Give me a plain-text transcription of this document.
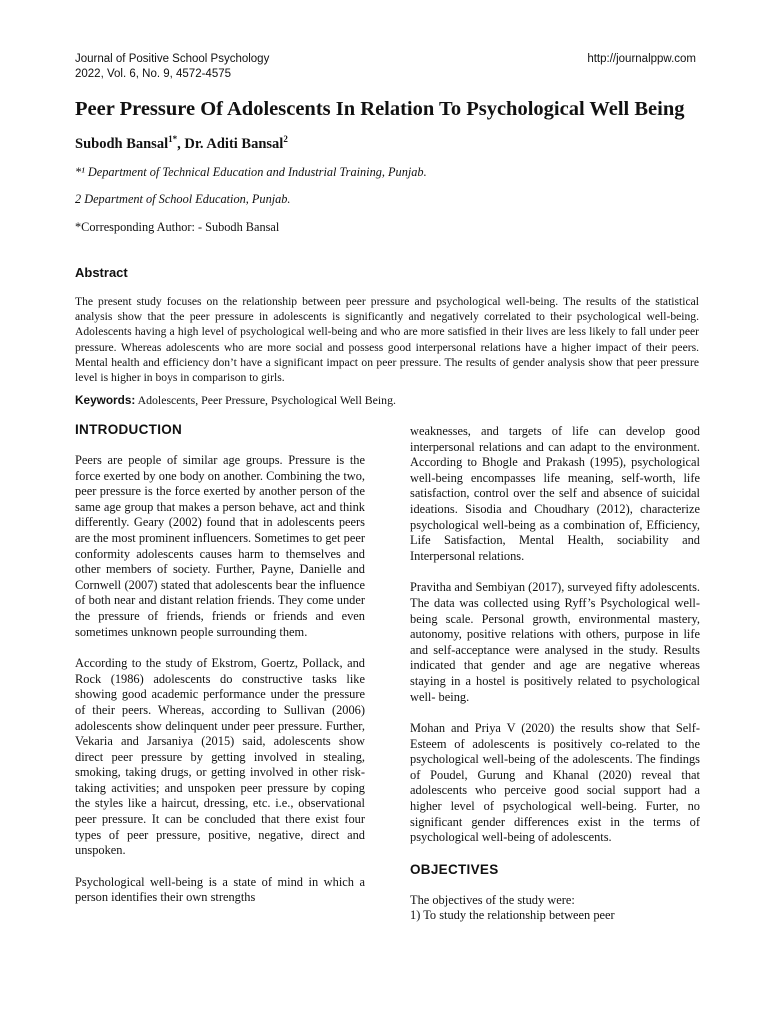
Journal of Positive School Psychology
2022, Vol. 6, No. 9, 4572-4575
http://journalppw.com
Peer Pressure Of Adolescents In Relation To Psychological Well Being
Subodh Bansal$^{1*}$, Dr. Aditi Bansal$^2$
*¹ Department of Technical Education and Industrial Training, Punjab.
2 Department of School Education, Punjab.
*Corresponding Author: - Subodh Bansal
Abstract

The present study focuses on the relationship between peer pressure and psychological well-being. The results of the statistical analysis show that the peer pressure in adolescents is significantly and negatively correlated to their psychological well-being. Adolescents having a high level of psychological well-being and who are more satisfied in their lives are less likely to fall under peer pressure. Whereas adolescents who are more social and possess good interpersonal relations have a higher impact of their peers. Mental health and efficiency don’t have a significant impact on peer pressure. The results of gender analysis show that peer pressure level is higher in boys in comparison to girls.

Keywords: Adolescents, Peer Pressure, Psychological Well Being.
INTRODUCTION

Peers are people of similar age groups. Pressure is the force exerted by one body on another. Combining the two, peer pressure is the force exerted by another person of the same age group that makes a person behave, act and think differently. Geary (2002) found that in adolescents peers are the most prominent influencers. Sometimes to get peer conformity adolescents causes harm to themselves and other members of society. Further, Payne, Danielle and Cornwell (2007) stated that adolescents bear the influence of both near and distant relation friends. They come under the pressure of friends, friends or friends and even sometimes unknown people surrounding them.

According to the study of Ekstrom, Goertz, Pollack, and Rock (1986) adolescents do constructive tasks like showing good academic performance under the pressure of their peers. Whereas, according to Sullivan (2006) adolescents show delinquent under peer pressure. Further, Vekaria and Jarsaniya (2015) said, adolescents show direct peer pressure by getting involved in stealing, smoking, taking drugs, or getting involved in other risk-taking activities; and unspoken peer pressure by coping the styles like a haircut, dressing, etc. i.e., observational peer pressure. It can be concluded that there exist four types of peer pressure, positive, negative, direct and unspoken.

Psychological well-being is a state of mind in which a person identifies their own strengths

weaknesses, and targets of life can develop good interpersonal relations and can adapt to the environment. According to Bhogle and Prakash (1995), psychological well-being encompasses life meaning, self-worth, life satisfaction, control over the self and absence of suicidal ideations. Sisodia and Choudhary (2012), characterize psychological well-being as a combination of, Efficiency, Life Satisfaction, Mental Health, sociability and Interpersonal relations.

Pravitha and Sembiyan (2017), surveyed fifty adolescents. The data was collected using Ryff’s Psychological well-being scale. Personal growth, environmental mastery, autonomy, positive relations with others, purpose in life and self-acceptance were analysed in the study. Results indicated that gender and age are negative whereas staying in a hostel is positively related to psychological well- being.

Mohan and Priya V (2020) the results show that Self-Esteem of adolescents is positively co-related to the psychological well-being of the adolescents. The findings of Poudel, Gurung and Khanal (2020) reveal that adolescents who perceive good social support had a higher level of psychological well-being. Furter, no significant gender differences exist in the terms of psychological well-being of adolescents.

OBJECTIVES

The objectives of the study were:

1) To study the relationship between peer
